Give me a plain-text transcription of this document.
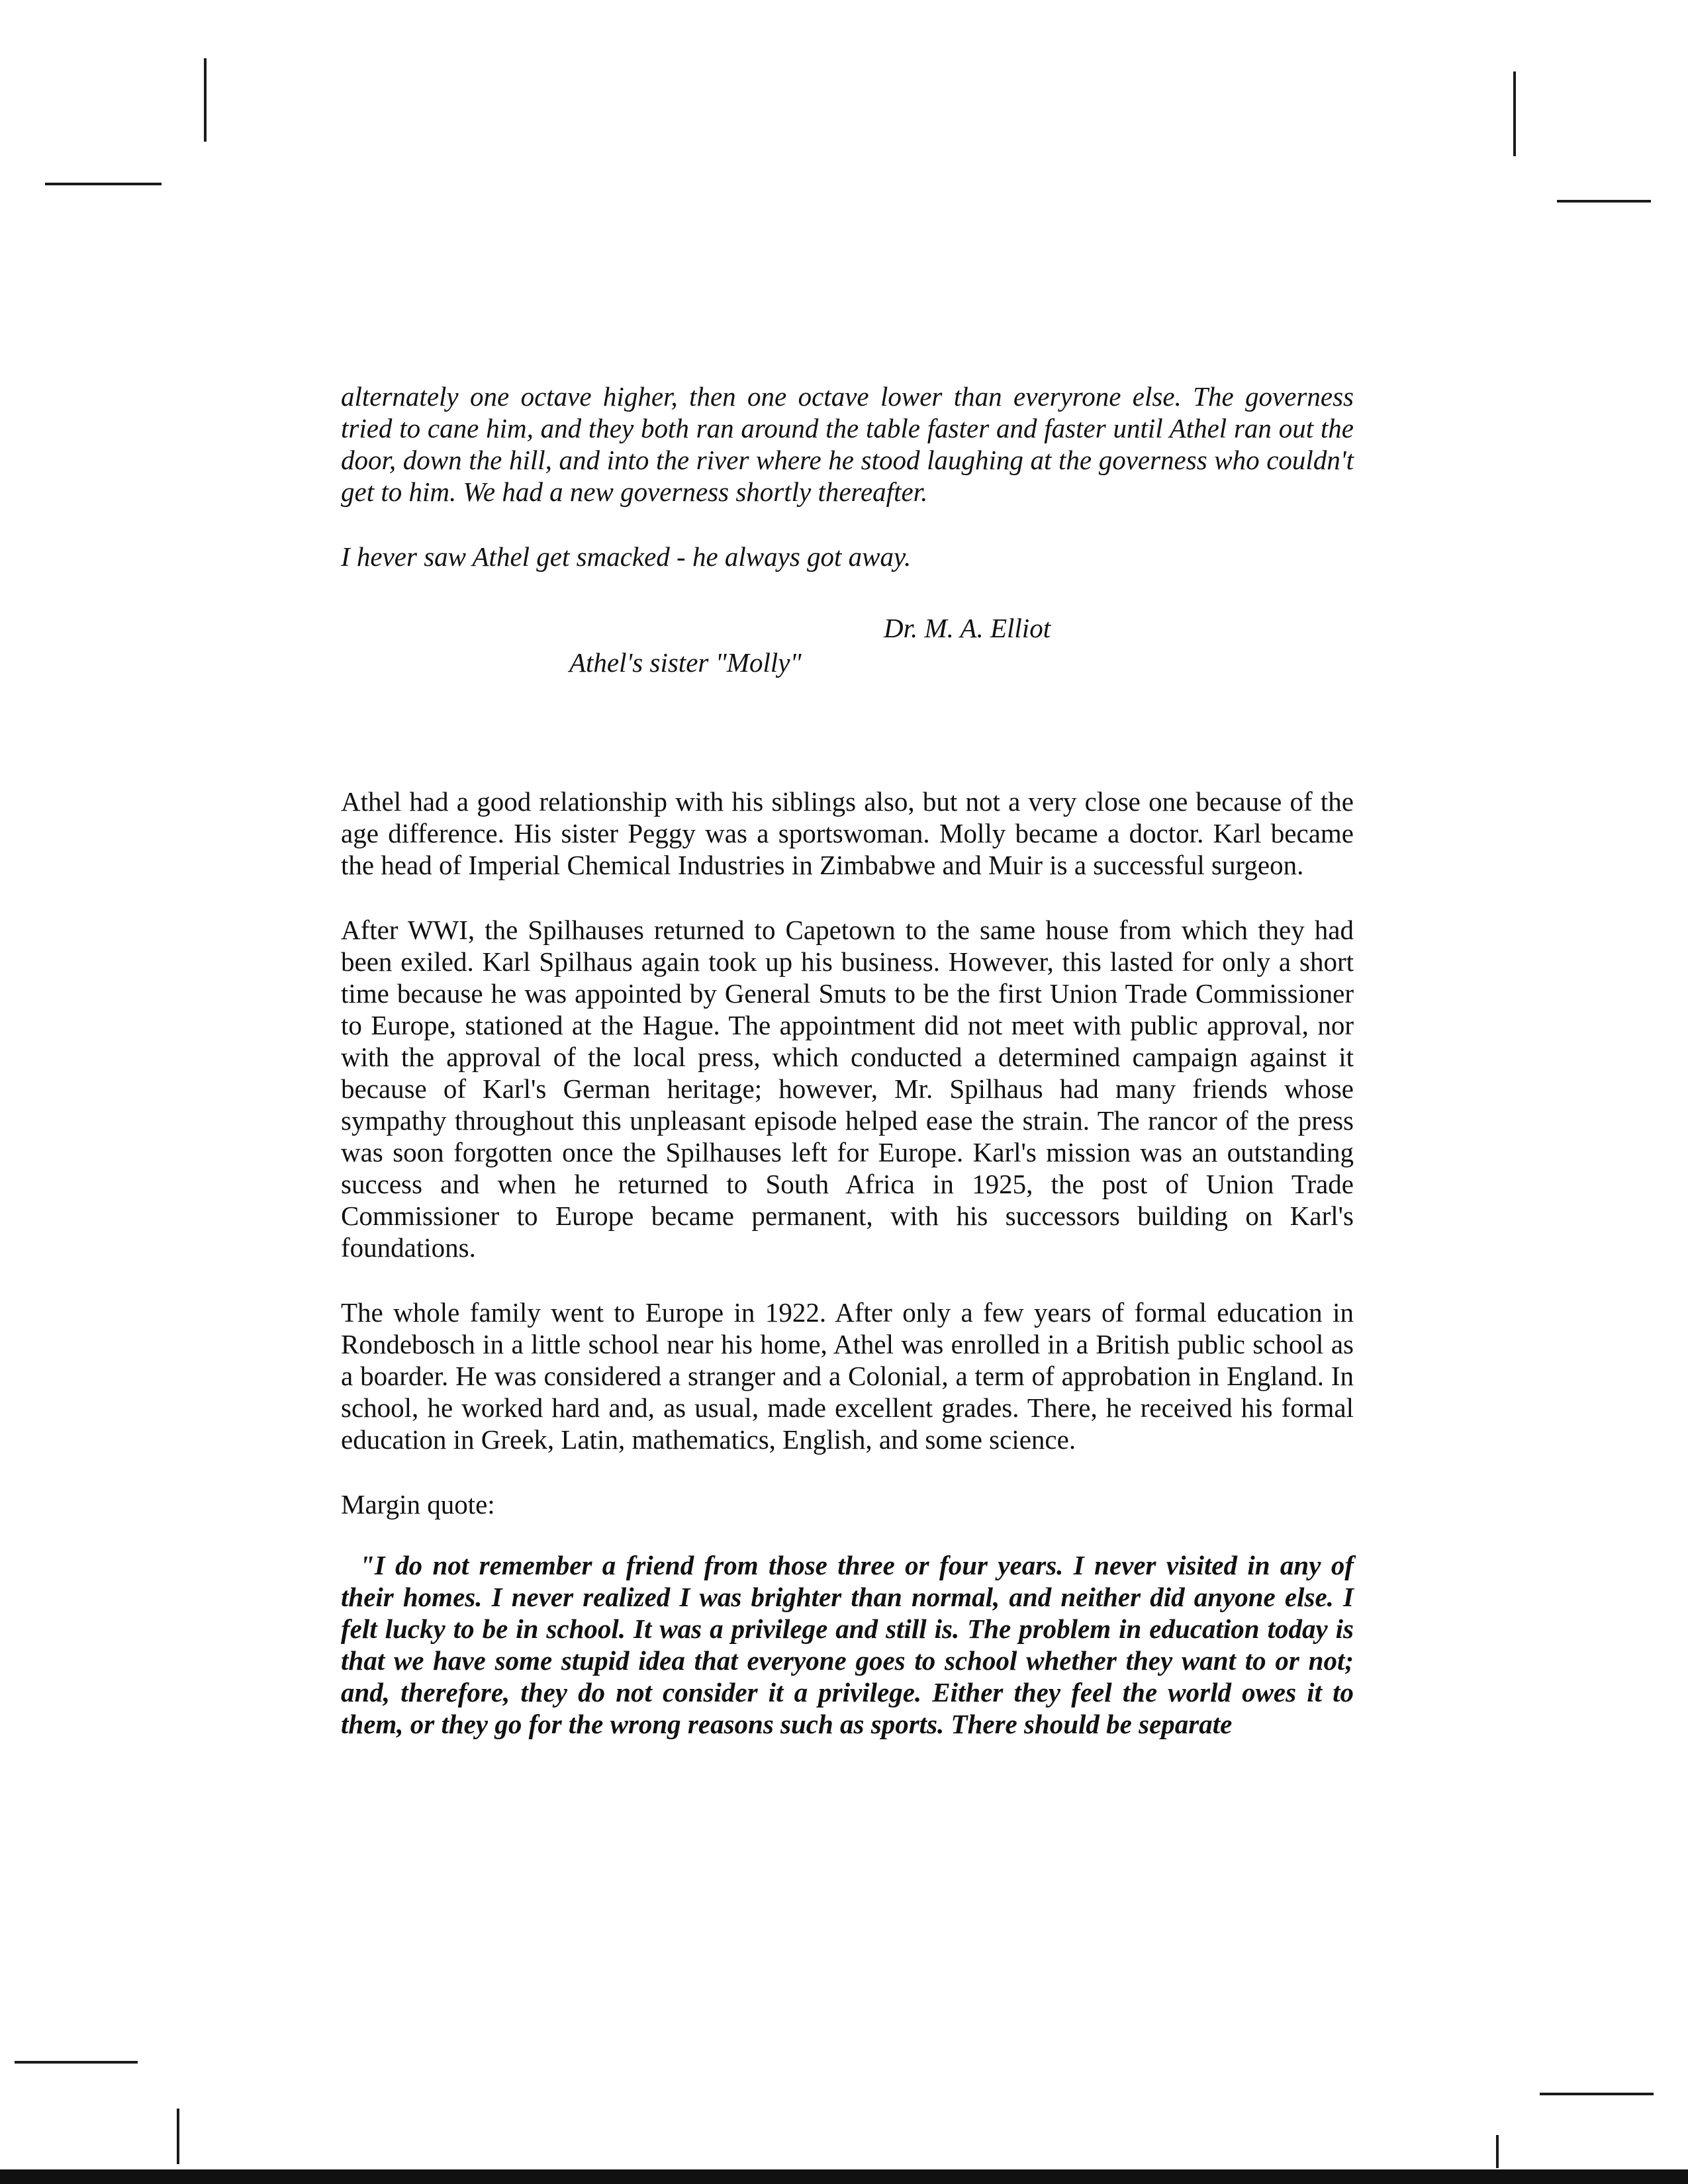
alternately one octave higher, then one octave lower than everyrone else. The governess tried to cane him, and they both ran around the table faster and faster until Athel ran out the door, down the hill, and into the river where he stood laughing at the governess who couldn't get to him. We had a new governess shortly thereafter.

I hever saw Athel get smacked - he always got away.

Dr. M. A. Elliot
Athel's sister "Molly"

Athel had a good relationship with his siblings also, but not a very close one because of the age difference. His sister Peggy was a sportswoman. Molly became a doctor. Karl became the head of Imperial Chemical Industries in Zimbabwe and Muir is a successful surgeon.

After WWI, the Spilhauses returned to Capetown to the same house from which they had been exiled. Karl Spilhaus again took up his business. However, this lasted for only a short time because he was appointed by General Smuts to be the first Union Trade Commissioner to Europe, stationed at the Hague. The appointment did not meet with public approval, nor with the approval of the local press, which conducted a determined campaign against it because of Karl's German heritage; however, Mr. Spilhaus had many friends whose sympathy throughout this unpleasant episode helped ease the strain. The rancor of the press was soon forgotten once the Spilhauses left for Europe. Karl's mission was an outstanding success and when he returned to South Africa in 1925, the post of Union Trade Commissioner to Europe became permanent, with his successors building on Karl's foundations.

The whole family went to Europe in 1922. After only a few years of formal education in Rondebosch in a little school near his home, Athel was enrolled in a British public school as a boarder. He was considered a stranger and a Colonial, a term of approbation in England. In school, he worked hard and, as usual, made excellent grades. There, he received his formal education in Greek, Latin, mathematics, English, and some science.

Margin quote:

"I do not remember a friend from those three or four years. I never visited in any of their homes. I never realized I was brighter than normal, and neither did anyone else. I felt lucky to be in school. It was a privilege and still is. The problem in education today is that we have some stupid idea that everyone goes to school whether they want to or not; and, therefore, they do not consider it a privilege. Either they feel the world owes it to them, or they go for the wrong reasons such as sports. There should be separate
